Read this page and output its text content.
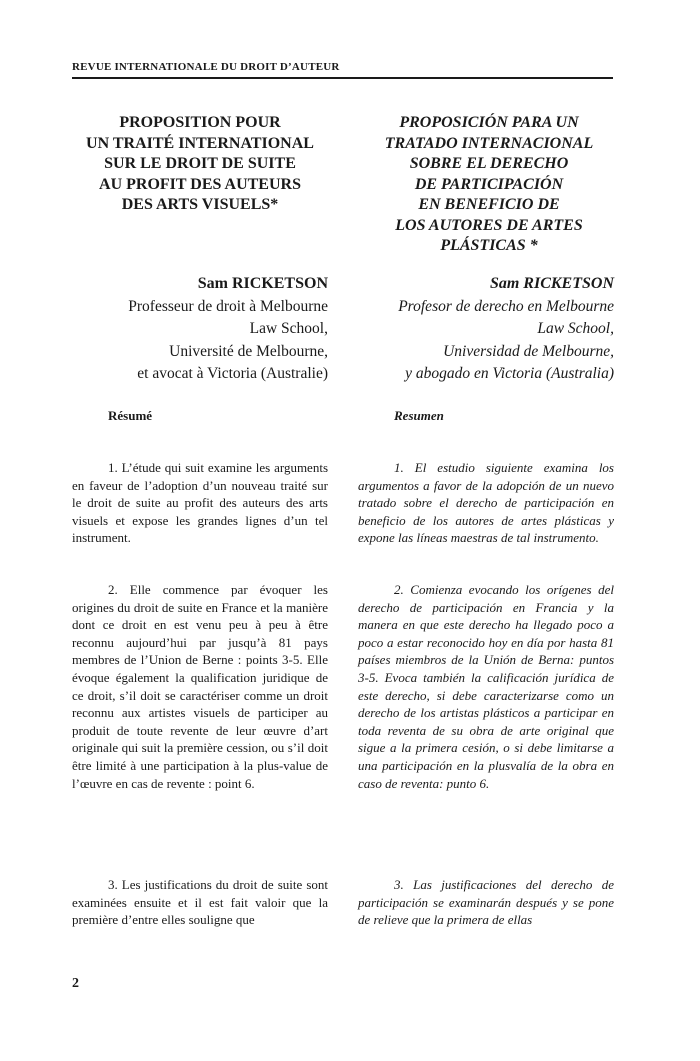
REVUE INTERNATIONALE DU DROIT D’AUTEUR
PROPOSITION POUR
UN TRAITÉ INTERNATIONAL
SUR LE DROIT DE SUITE
AU PROFIT DES AUTEURS
DES ARTS VISUELS*
Sam RICKETSON
Professeur de droit à Melbourne
Law School,
Université de Melbourne,
et avocat à Victoria (Australie)
Résumé

1. L’étude qui suit examine les arguments en faveur de l’adoption d’un nouveau traité sur le droit de suite au profit des auteurs des arts visuels et expose les grandes lignes d’un tel instrument.

2. Elle commence par évoquer les origines du droit de suite en France et la manière dont ce droit en est venu peu à peu à être reconnu aujourd’hui par jusqu’à 81 pays membres de l’Union de Berne : points 3-5. Elle évoque également la qualification juridique de ce droit, s’il doit se caractériser comme un droit reconnu aux artistes visuels de participer au produit de toute revente de leur œuvre d’art originale qui suit la première cession, ou s’il doit être limité à une participation à la plus-value de l’œuvre en cas de revente : point 6.

3. Les justifications du droit de suite sont examinées ensuite et il est fait valoir que la première d’entre elles souligne que

PROPOSICIÓN PARA UN
TRATADO INTERNACIONAL
SOBRE EL DERECHO
DE PARTICIPACIÓN
EN BENEFICIO DE
LOS AUTORES DE ARTES
PLÁSTICAS *
Sam RICKETSON
Profesor de derecho en Melbourne
Law School,
Universidad de Melbourne,
y abogado en Victoria (Australia)
Resumen

1. El estudio siguiente examina los argumentos a favor de la adopción de un nuevo tratado sobre el derecho de participación en beneficio de los autores de artes plásticas y expone las líneas maestras de tal instrumento.

2. Comienza evocando los orígenes del derecho de participación en Francia y la manera en que este derecho ha llegado poco a poco a estar reconocido hoy en día por hasta 81 países miembros de la Unión de Berna: puntos 3-5. Evoca también la calificación jurídica de este derecho, si debe caracterizarse como un derecho de los artistas plásticos a participar en toda reventa de su obra de arte original que sigue a la primera cesión, o si debe limitarse a una participación en la plusvalía de la obra en caso de reventa: punto 6.

3. Las justificaciones del derecho de participación se examinarán después y se pone de relieve que la primera de ellas

2
